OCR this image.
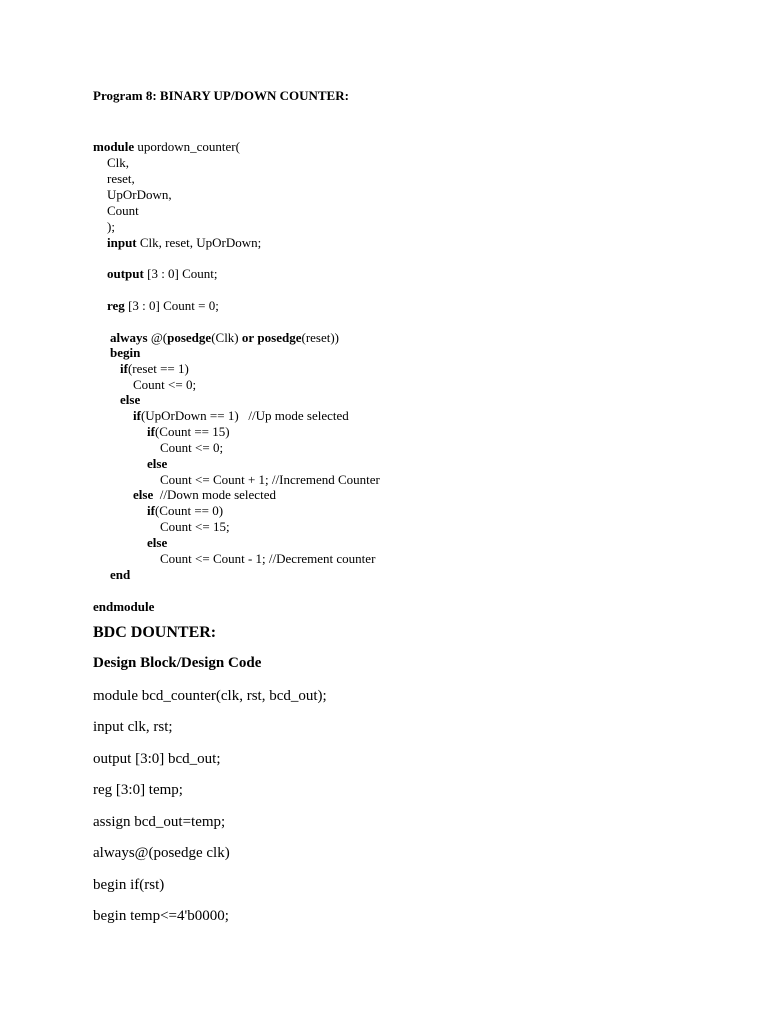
Program 8: BINARY UP/DOWN COUNTER:
module upordown_counter(
Clk,
reset,
UpOrDown,
Count
);
input Clk, reset, UpOrDown;
output [3 : 0] Count;
reg [3 : 0] Count = 0;
always @(posedge(Clk) or posedge(reset))
begin
if(reset == 1)
Count <= 0;
else
if(UpOrDown == 1)   //Up mode selected
if(Count == 15)
Count <= 0;
else
Count <= Count + 1; //Incremend Counter
else  //Down mode selected
if(Count == 0)
Count <= 15;
else
Count <= Count - 1; //Decrement counter
end
endmodule
BDC DOUNTER:
Design Block/Design Code
module bcd_counter(clk, rst, bcd_out);
input clk, rst;
output [3:0] bcd_out;
reg [3:0] temp;
assign bcd_out=temp;
always@(posedge clk)
begin if(rst)
begin temp<=4'b0000;
